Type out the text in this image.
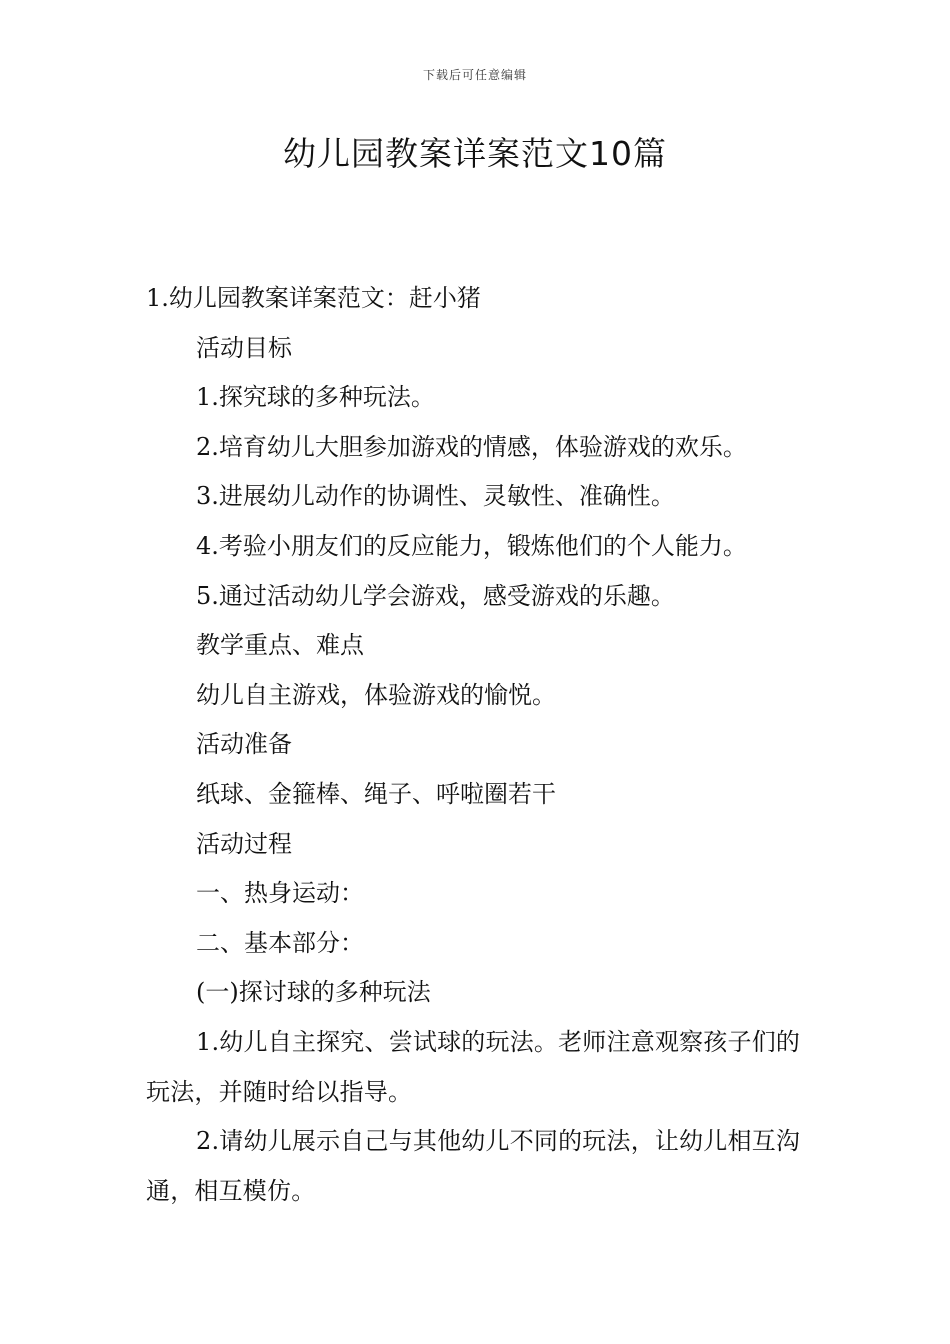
下载后可任意编辑
幼儿园教案详案范文10篇
1.幼儿园教案详案范文：赶小猪
活动目标
1.探究球的多种玩法。
2.培育幼儿大胆参加游戏的情感，体验游戏的欢乐。
3.进展幼儿动作的协调性、灵敏性、准确性。
4.考验小朋友们的反应能力，锻炼他们的个人能力。
5.通过活动幼儿学会游戏，感受游戏的乐趣。
教学重点、难点
幼儿自主游戏，体验游戏的愉悦。
活动准备
纸球、金箍棒、绳子、呼啦圈若干
活动过程
一、热身运动：
二、基本部分：
(一)探讨球的多种玩法

1.幼儿自主探究、尝试球的玩法。老师注意观察孩子们的玩法，并随时给以指导。

2.请幼儿展示自己与其他幼儿不同的玩法，让幼儿相互沟通，相互模仿。
